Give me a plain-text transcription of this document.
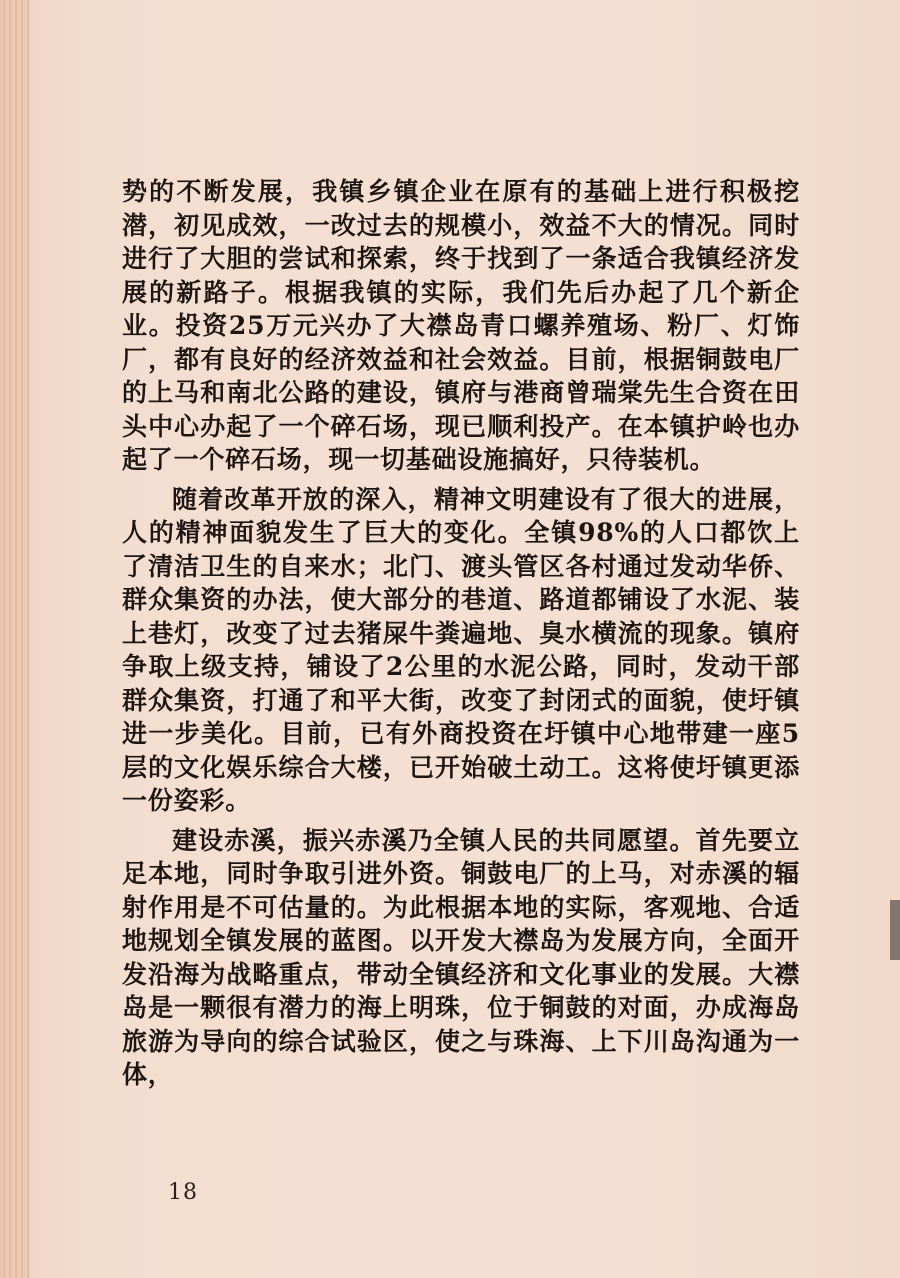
势的不断发展，我镇乡镇企业在原有的基础上进行积极挖潜，初见成效，一改过去的规模小，效益不大的情况。同时进行了大胆的尝试和探索，终于找到了一条适合我镇经济发展的新路子。根据我镇的实际，我们先后办起了几个新企业。投资25万元兴办了大襟岛青口螺养殖场、粉厂、灯饰厂，都有良好的经济效益和社会效益。目前，根据铜鼓电厂的上马和南北公路的建设，镇府与港商曾瑞棠先生合资在田头中心办起了一个碎石场，现已顺利投产。在本镇护岭也办起了一个碎石场，现一切基础设施搞好，只待装机。

随着改革开放的深入，精神文明建设有了很大的进展，人的精神面貌发生了巨大的变化。全镇98%的人口都饮上了清洁卫生的自来水；北门、渡头管区各村通过发动华侨、群众集资的办法，使大部分的巷道、路道都铺设了水泥、装上巷灯，改变了过去猪屎牛粪遍地、臭水横流的现象。镇府争取上级支持，铺设了2公里的水泥公路，同时，发动干部群众集资，打通了和平大街，改变了封闭式的面貌，使圩镇进一步美化。目前，已有外商投资在圩镇中心地带建一座5层的文化娱乐综合大楼，已开始破土动工。这将使圩镇更添一份姿彩。

建设赤溪，振兴赤溪乃全镇人民的共同愿望。首先要立足本地，同时争取引进外资。铜鼓电厂的上马，对赤溪的辐射作用是不可估量的。为此根据本地的实际，客观地、合适地规划全镇发展的蓝图。以开发大襟岛为发展方向，全面开发沿海为战略重点，带动全镇经济和文化事业的发展。大襟岛是一颗很有潜力的海上明珠，位于铜鼓的对面，办成海岛旅游为导向的综合试验区，使之与珠海、上下川岛沟通为一体，

18
